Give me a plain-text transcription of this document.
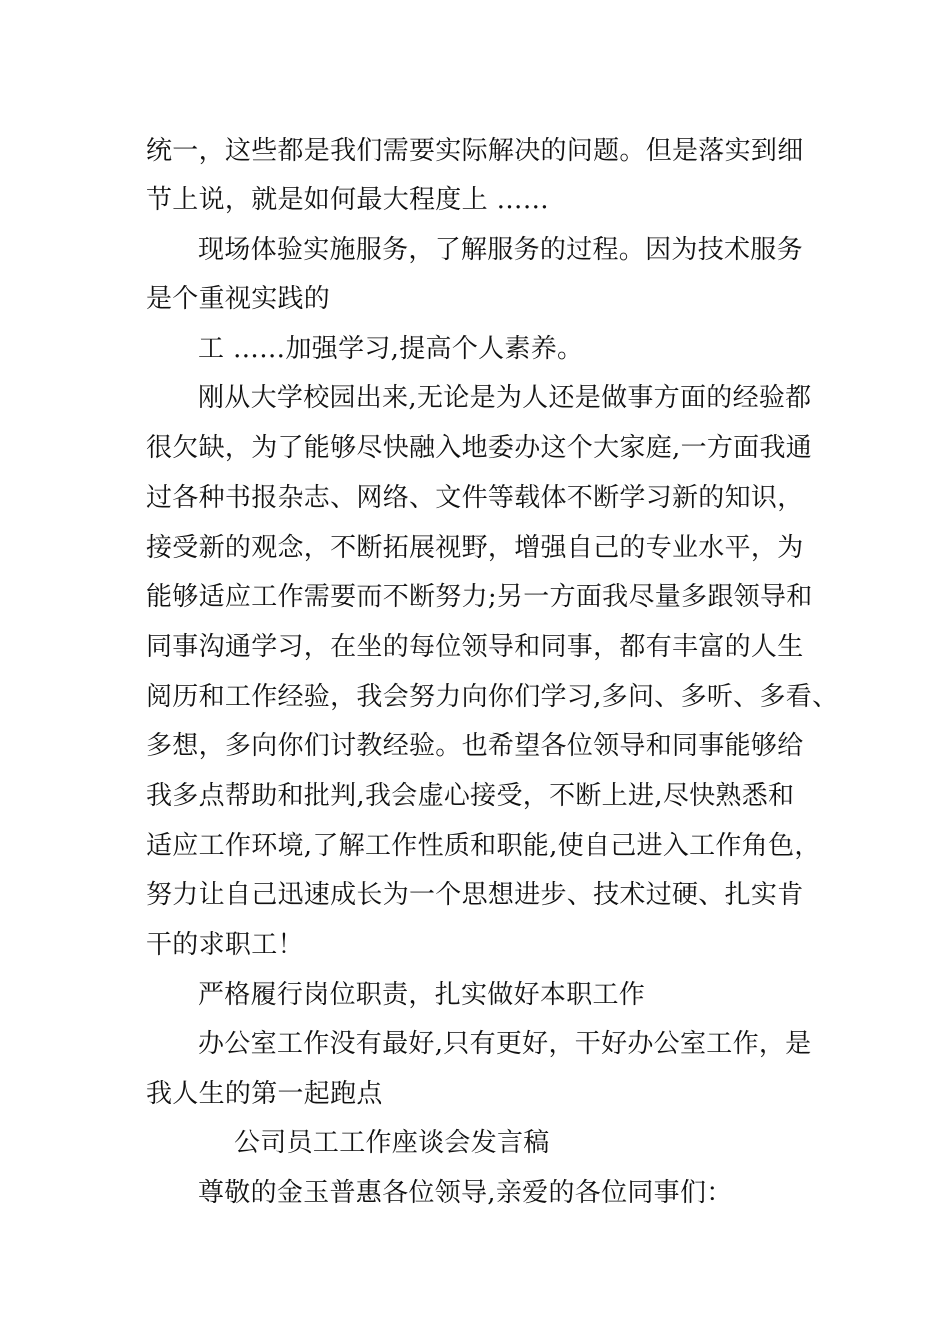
统一，这些都是我们需要实际解决的问题。但是落实到细
节上说，就是如何最大程度上 ……
现场体验实施服务，了解服务的过程。因为技术服务
是个重视实践的
工 ……加强学习,提高个人素养。
刚从大学校园出来,无论是为人还是做事方面的经验都
很欠缺，为了能够尽快融入地委办这个大家庭,一方面我通
过各种书报杂志、网络、文件等载体不断学习新的知识，
接受新的观念，不断拓展视野，增强自己的专业水平，为
能够适应工作需要而不断努力;另一方面我尽量多跟领导和
同事沟通学习，在坐的每位领导和同事，都有丰富的人生
阅历和工作经验，我会努力向你们学习,多问、多听、多看、
多想，多向你们讨教经验。也希望各位领导和同事能够给
我多点帮助和批判,我会虚心接受，不断上进,尽快熟悉和
适应工作环境,了解工作性质和职能,使自己进入工作角色，
努力让自己迅速成长为一个思想进步、技术过硬、扎实肯
干的求职工！
严格履行岗位职责，扎实做好本职工作
办公室工作没有最好,只有更好，干好办公室工作，是
我人生的第一起跑点
公司员工工作座谈会发言稿
尊敬的金玉普惠各位领导,亲爱的各位同事们：
